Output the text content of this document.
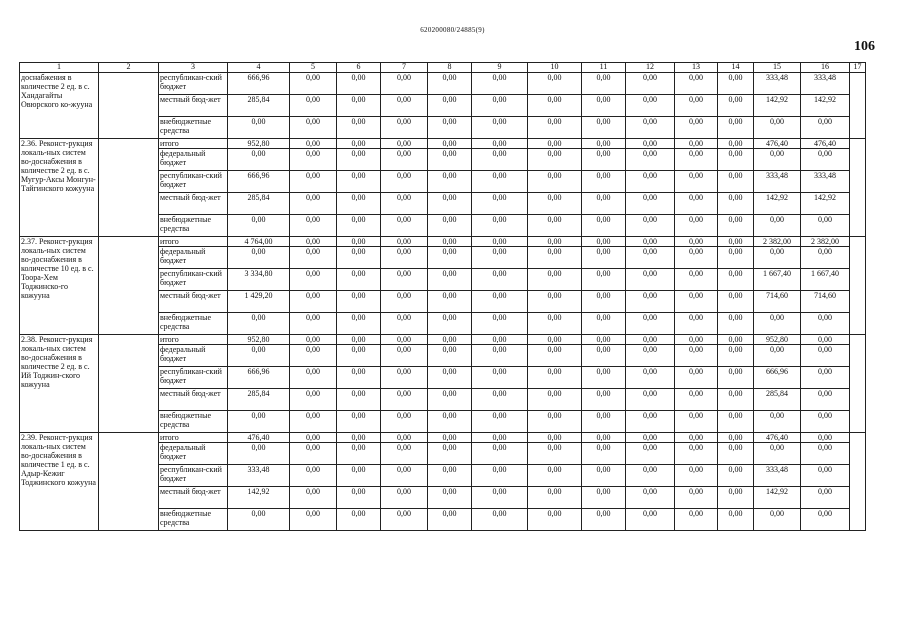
620200080/24885(9)
106
1	2	3	4	5	6	7	8	9	10	11	12	13	14	15	16	17
доснабжения в количестве 2 ед. в с. Хандагайты Овюрского ко-жууна		республикан-ский бюджет	666,96	0,00	0,00	0,00	0,00	0,00	0,00	0,00	0,00	0,00	0,00	333,48	333,48	
		местный бюд-жет	285,84	0,00	0,00	0,00	0,00	0,00	0,00	0,00	0,00	0,00	0,00	142,92	142,92	
		внебюджетные средства	0,00	0,00	0,00	0,00	0,00	0,00	0,00	0,00	0,00	0,00	0,00	0,00	0,00	
2.36. Реконст-рукция локаль-ных систем во-доснабжения в количестве 2 ед. в с. Мугур-Аксы Монгун-Тайгинского кожууна		итого	952,80	0,00	0,00	0,00	0,00	0,00	0,00	0,00	0,00	0,00	0,00	476,40	476,40	
		федеральный бюджет	0,00	0,00	0,00	0,00	0,00	0,00	0,00	0,00	0,00	0,00	0,00	0,00	0,00	
		республикан-ский бюджет	666,96	0,00	0,00	0,00	0,00	0,00	0,00	0,00	0,00	0,00	0,00	333,48	333,48	
		местный бюд-жет	285,84	0,00	0,00	0,00	0,00	0,00	0,00	0,00	0,00	0,00	0,00	142,92	142,92	
		внебюджетные средства	0,00	0,00	0,00	0,00	0,00	0,00	0,00	0,00	0,00	0,00	0,00	0,00	0,00	
2.37. Реконст-рукция локаль-ных систем во-доснабжения в количестве 10 ед. в с. Тоора-Хем Тоджинско-го кожууна		итого	4 764,00	0,00	0,00	0,00	0,00	0,00	0,00	0,00	0,00	0,00	0,00	2 382,00	2 382,00	
		федеральный бюджет	0,00	0,00	0,00	0,00	0,00	0,00	0,00	0,00	0,00	0,00	0,00	0,00	0,00	
		республикан-ский бюджет	3 334,80	0,00	0,00	0,00	0,00	0,00	0,00	0,00	0,00	0,00	0,00	1 667,40	1 667,40	
		местный бюд-жет	1 429,20	0,00	0,00	0,00	0,00	0,00	0,00	0,00	0,00	0,00	0,00	714,60	714,60	
		внебюджетные средства	0,00	0,00	0,00	0,00	0,00	0,00	0,00	0,00	0,00	0,00	0,00	0,00	0,00	
2.38. Реконст-рукция локаль-ных систем во-доснабжения в количестве 2 ед. в с. Ий Тоджин-ского кожууна		итого	952,80	0,00	0,00	0,00	0,00	0,00	0,00	0,00	0,00	0,00	0,00	952,80	0,00	
		федеральный бюджет	0,00	0,00	0,00	0,00	0,00	0,00	0,00	0,00	0,00	0,00	0,00	0,00	0,00	
		республикан-ский бюджет	666,96	0,00	0,00	0,00	0,00	0,00	0,00	0,00	0,00	0,00	0,00	666,96	0,00	
		местный бюд-жет	285,84	0,00	0,00	0,00	0,00	0,00	0,00	0,00	0,00	0,00	0,00	285,84	0,00	
		внебюджетные средства	0,00	0,00	0,00	0,00	0,00	0,00	0,00	0,00	0,00	0,00	0,00	0,00	0,00	
2.39. Реконст-рукция локаль-ных систем во-доснабжения в количестве 1 ед. в с. Адыр-Кежиг Тоджинского кожууна		итого	476,40	0,00	0,00	0,00	0,00	0,00	0,00	0,00	0,00	0,00	0,00	476,40	0,00	
		федеральный бюджет	0,00	0,00	0,00	0,00	0,00	0,00	0,00	0,00	0,00	0,00	0,00	0,00	0,00	
		республикан-ский бюджет	333,48	0,00	0,00	0,00	0,00	0,00	0,00	0,00	0,00	0,00	0,00	333,48	0,00	
		местный бюд-жет	142,92	0,00	0,00	0,00	0,00	0,00	0,00	0,00	0,00	0,00	0,00	142,92	0,00	
		внебюджетные средства	0,00	0,00	0,00	0,00	0,00	0,00	0,00	0,00	0,00	0,00	0,00	0,00	0,00	
